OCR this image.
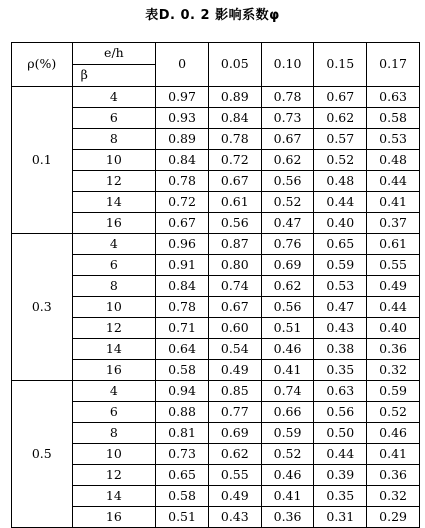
表D. 0. 2 影响系数φ
ρ(%)	e/h	0	0.05	0.10	0.15	0.17
	β					
0.1	4	0.97	0.89	0.78	0.67	0.63
	6	0.93	0.84	0.73	0.62	0.58
	8	0.89	0.78	0.67	0.57	0.53
	10	0.84	0.72	0.62	0.52	0.48
	12	0.78	0.67	0.56	0.48	0.44
	14	0.72	0.61	0.52	0.44	0.41
	16	0.67	0.56	0.47	0.40	0.37
0.3	4	0.96	0.87	0.76	0.65	0.61
	6	0.91	0.80	0.69	0.59	0.55
	8	0.84	0.74	0.62	0.53	0.49
	10	0.78	0.67	0.56	0.47	0.44
	12	0.71	0.60	0.51	0.43	0.40
	14	0.64	0.54	0.46	0.38	0.36
	16	0.58	0.49	0.41	0.35	0.32
0.5	4	0.94	0.85	0.74	0.63	0.59
	6	0.88	0.77	0.66	0.56	0.52
	8	0.81	0.69	0.59	0.50	0.46
	10	0.73	0.62	0.52	0.44	0.41
	12	0.65	0.55	0.46	0.39	0.36
	14	0.58	0.49	0.41	0.35	0.32
	16	0.51	0.43	0.36	0.31	0.29
